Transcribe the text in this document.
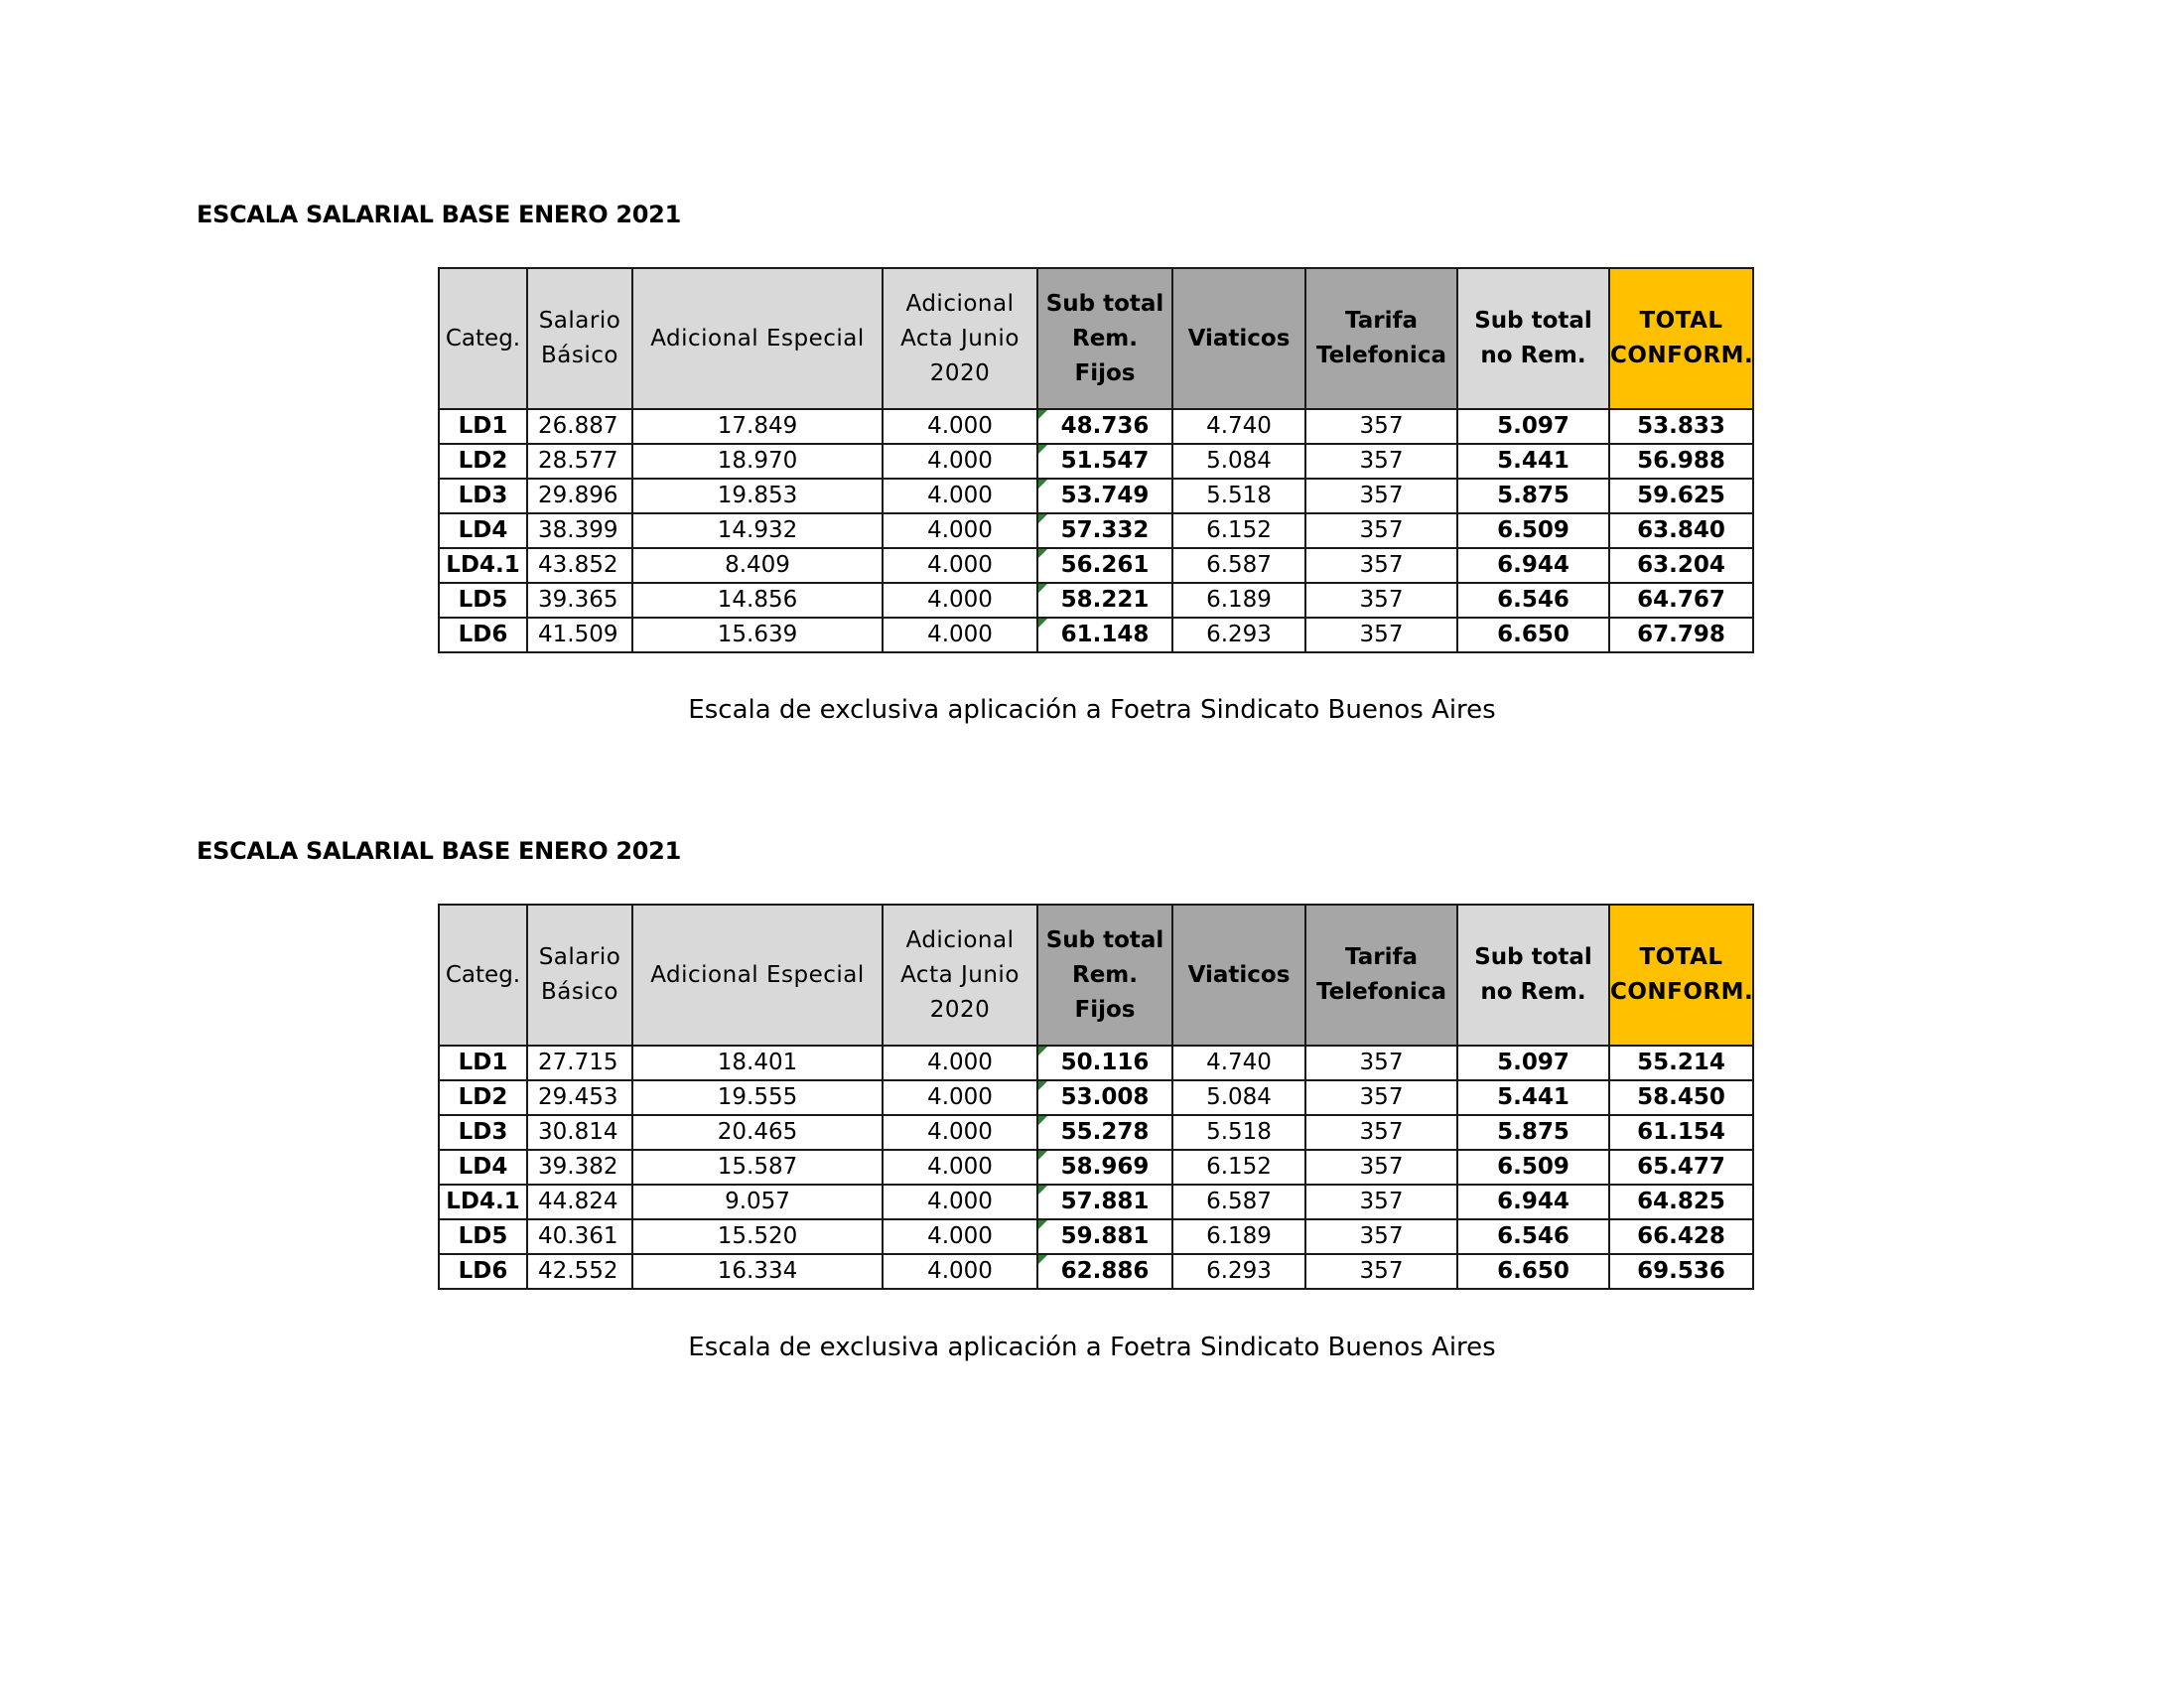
ESCALA SALARIAL BASE ENERO 2021
Categ.	Salario Básico	Adicional Especial	Adicional Acta Junio 2020	Sub total Rem. Fijos	Viaticos	Tarifa Telefonica	Sub total no Rem.	TOTAL CONFORM.
LD1	26.887	17.849	4.000	48.736	4.740	357	5.097	53.833
LD2	28.577	18.970	4.000	51.547	5.084	357	5.441	56.988
LD3	29.896	19.853	4.000	53.749	5.518	357	5.875	59.625
LD4	38.399	14.932	4.000	57.332	6.152	357	6.509	63.840
LD4.1	43.852	8.409	4.000	56.261	6.587	357	6.944	63.204
LD5	39.365	14.856	4.000	58.221	6.189	357	6.546	64.767
LD6	41.509	15.639	4.000	61.148	6.293	357	6.650	67.798
Escala de exclusiva aplicación a Foetra Sindicato Buenos Aires
ESCALA SALARIAL BASE ENERO 2021
Categ.	Salario Básico	Adicional Especial	Adicional Acta Junio 2020	Sub total Rem. Fijos	Viaticos	Tarifa Telefonica	Sub total no Rem.	TOTAL CONFORM.
LD1	27.715	18.401	4.000	50.116	4.740	357	5.097	55.214
LD2	29.453	19.555	4.000	53.008	5.084	357	5.441	58.450
LD3	30.814	20.465	4.000	55.278	5.518	357	5.875	61.154
LD4	39.382	15.587	4.000	58.969	6.152	357	6.509	65.477
LD4.1	44.824	9.057	4.000	57.881	6.587	357	6.944	64.825
LD5	40.361	15.520	4.000	59.881	6.189	357	6.546	66.428
LD6	42.552	16.334	4.000	62.886	6.293	357	6.650	69.536
Escala de exclusiva aplicación a Foetra Sindicato Buenos Aires
